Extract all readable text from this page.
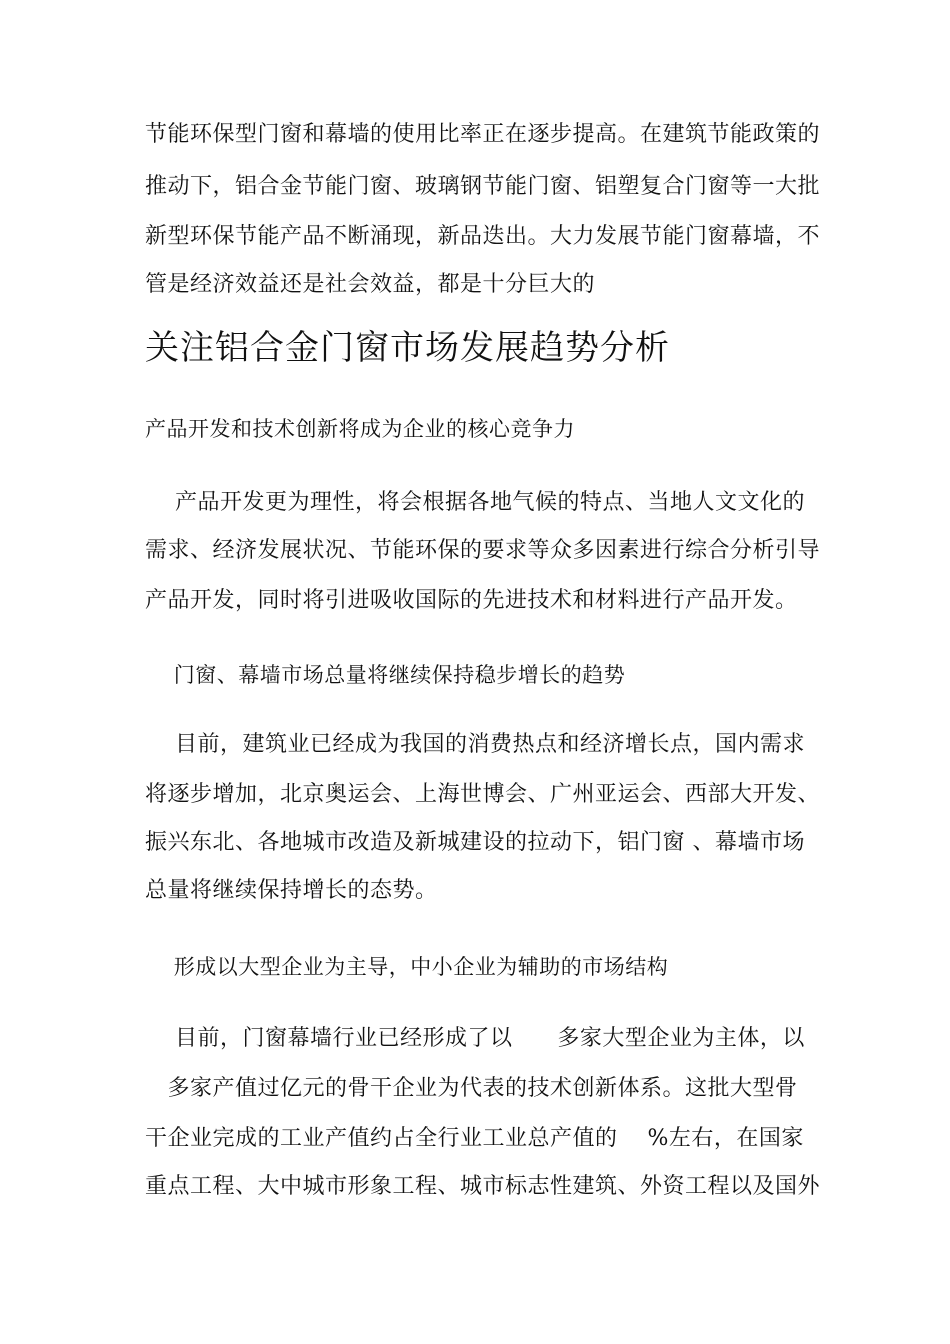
节能环保型门窗和幕墙的使用比率正在逐步提高。在建筑节能政策的
推动下，铝合金节能门窗、玻璃钢节能门窗、铝塑复合门窗等一大批
新型环保节能产品不断涌现，新品迭出。大力发展节能门窗幕墙，不
管是经济效益还是社会效益，都是十分巨大的
关注铝合金门窗市场发展趋势分析
产品开发和技术创新将成为企业的核心竞争力
产品开发更为理性，将会根据各地气候的特点、当地人文文化的
需求、经济发展状况、节能环保的要求等众多因素进行综合分析引导
产品开发，同时将引进吸收国际的先进技术和材料进行产品开发。
门窗、幕墙市场总量将继续保持稳步增长的趋势
目前，建筑业已经成为我国的消费热点和经济增长点，国内需求
将逐步增加，北京奥运会、上海世博会、广州亚运会、西部大开发、
振兴东北、各地城市改造及新城建设的拉动下，铝门窗 、幕墙市场
总量将继续保持增长的态势。
形成以大型企业为主导，中小企业为辅助的市场结构
目前，门窗幕墙行业已经形成了以      多家大型企业为主体，以
多家产值过亿元的骨干企业为代表的技术创新体系。这批大型骨
干企业完成的工业产值约占全行业工业总产值的    %左右，在国家
重点工程、大中城市形象工程、城市标志性建筑、外资工程以及国外
